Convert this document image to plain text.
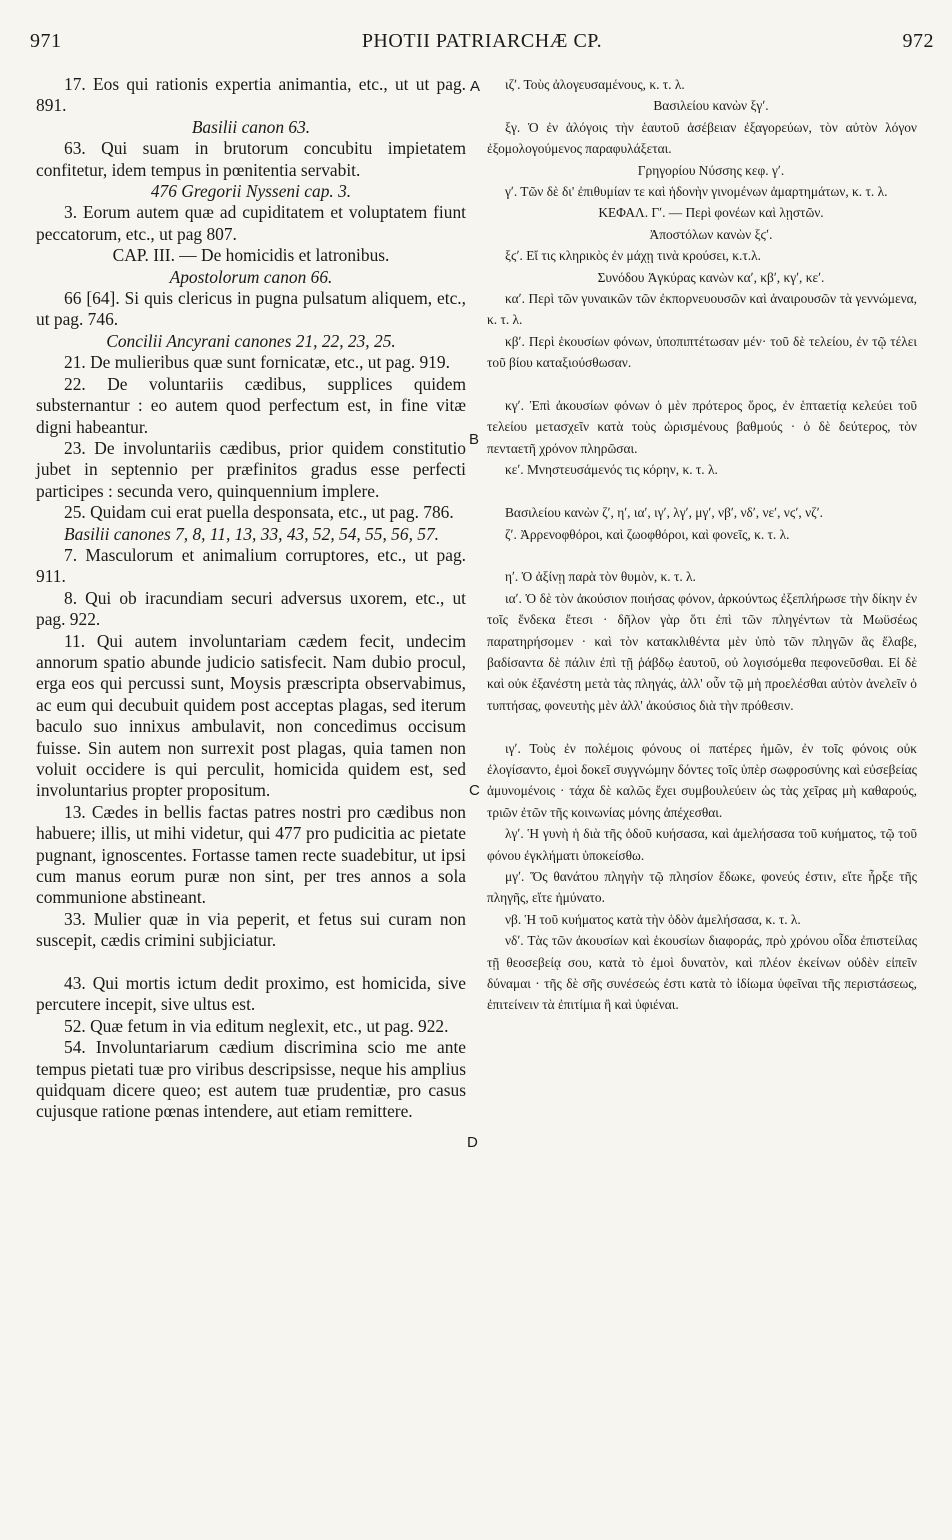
971	PHOTII PATRIARCHÆ CP.	972
A
B
C
D

17. Eos qui rationis expertia animantia, etc., ut ut pag. 891.

Basilii canon 63.

63. Qui suam in brutorum concubitu impietatem confitetur, idem tempus in pœnitentia servabit.

476 Gregorii Nysseni cap. 3.

3. Eorum autem quæ ad cupiditatem et voluptatem fiunt peccatorum, etc., ut pag 807.

CAP. III. — De homicidis et latronibus.

Apostolorum canon 66.

66 [64]. Si quis clericus in pugna pulsatum aliquem, etc., ut pag. 746.

Concilii Ancyrani canones 21, 22, 23, 25.

21. De mulieribus quæ sunt fornicatæ, etc., ut pag. 919.

22. De voluntariis cædibus, supplices quidem substernantur : eo autem quod perfectum est, in fine vitæ digni habeantur.

23. De involuntariis cædibus, prior quidem constitutio jubet in septennio per præfinitos gradus esse perfecti participes : secunda vero, quinquennium implere.

25. Quidam cui erat puella desponsata, etc., ut pag. 786.

Basilii canones 7, 8, 11, 13, 33, 43, 52, 54, 55, 56, 57.

7. Masculorum et animalium corruptores, etc., ut pag. 911.

8. Qui ob iracundiam securi adversus uxorem, etc., ut pag. 922.

11. Qui autem involuntariam cædem fecit, undecim annorum spatio abunde judicio satisfecit. Nam dubio procul, erga eos qui percussi sunt, Moysis præscripta observabimus, ac eum qui decubuit quidem post acceptas plagas, sed iterum baculo suo innixus ambulavit, non concedimus occisum fuisse. Sin autem non surrexit post plagas, quia tamen non voluit occidere is qui perculit, homicida quidem est, sed involuntarius propter propositum.

13. Cædes in bellis factas patres nostri pro cædibus non habuere; illis, ut mihi videtur, qui 477 pro pudicitia ac pietate pugnant, ignoscentes. Fortasse tamen recte suadebitur, ut ipsi cum manus eorum puræ non sint, per tres annos a sola communione abstineant.

33. Mulier quæ in via peperit, et fetus sui curam non suscepit, cædis crimini subjiciatur.

43. Qui mortis ictum dedit proximo, est homicida, sive percutere incepit, sive ultus est.

52. Quæ fetum in via editum neglexit, etc., ut pag. 922.

54. Involuntariarum cædium discrimina scio me ante tempus pietati tuæ pro viribus descripsisse, neque his amplius quidquam dicere queo; est autem tuæ prudentiæ, pro casus cujusque ratione pœnas intendere, aut etiam remittere.

ιζʹ. Τοὺς ἀλογευσαμένους, κ. τ. λ.

Βασιλείου κανὼν ξγʹ.

ξγ. Ὁ ἐν ἀλόγοις τὴν ἑαυτοῦ ἀσέβειαν ἐξαγορεύων, τὸν αὐτὸν λόγον ἐξομολογούμενος παραφυλάξεται.

Γρηγορίου Νύσσης κεφ. γʹ.

γʹ. Τῶν δὲ δι' ἐπιθυμίαν τε καὶ ἡδονὴν γινομένων ἁμαρτημάτων, κ. τ. λ.

ΚΕΦΑΛ. Γʹ. — Περὶ φονέων καὶ λῃστῶν.

Ἀποστόλων κανὼν ξϛʹ.

ξϛʹ. Εἴ τις κληρικὸς ἐν μάχῃ τινὰ κρούσει, κ.τ.λ.

Συνόδου Ἀγκύρας κανὼν καʹ, κβʹ, κγʹ, κεʹ.

καʹ. Περὶ τῶν γυναικῶν τῶν ἐκπορνευουσῶν καὶ ἀναιρουσῶν τὰ γεννώμενα, κ. τ. λ.

κβʹ. Περὶ ἑκουσίων φόνων, ὑποπιπτέτωσαν μέν· τοῦ δὲ τελείου, ἐν τῷ τέλει τοῦ βίου καταξιούσθωσαν.

κγʹ. Ἐπὶ ἀκουσίων φόνων ὁ μὲν πρότερος ὅρος, ἐν ἑπταετίᾳ κελεύει τοῦ τελείου μετασχεῖν κατὰ τοὺς ὡρισμένους βαθμούς · ὁ δὲ δεύτερος, τὸν πενταετῆ χρόνον πληρῶσαι.

κεʹ. Μνηστευσάμενός τις κόρην, κ. τ. λ.

Βασιλείου κανὼν ζʹ, ηʹ, ιαʹ, ιγʹ, λγʹ, μγʹ, νβʹ, νδʹ, νεʹ, νϛʹ, νζʹ.

ζʹ. Ἀρρενοφθόροι, καὶ ζωοφθόροι, καὶ φονεῖς, κ. τ. λ.

ηʹ. Ὁ ἀξίνῃ παρὰ τὸν θυμὸν, κ. τ. λ.

ιαʹ. Ὁ δὲ τὸν ἀκούσιον ποιήσας φόνον, ἀρκούντως ἐξεπλήρωσε τὴν δίκην ἐν τοῖς ἕνδεκα ἔτεσι · δῆλον γὰρ ὅτι ἐπὶ τῶν πληγέντων τὰ Μωϋσέως παρατηρήσομεν · καὶ τὸν κατακλιθέντα μὲν ὑπὸ τῶν πληγῶν ἃς ἔλαβε, βαδίσαντα δὲ πάλιν ἐπὶ τῇ ῥάβδῳ ἑαυτοῦ, οὐ λογισόμεθα πεφονεῦσθαι. Εἰ δὲ καὶ οὐκ ἐξανέστη μετὰ τὰς πληγάς, ἀλλ' οὖν τῷ μὴ προελέσθαι αὐτὸν ἀνελεῖν ὁ τυπτήσας, φονευτὴς μὲν ἀλλ' ἀκούσιος διὰ τὴν πρόθεσιν.

ιγʹ. Τοὺς ἐν πολέμοις φόνους οἱ πατέρες ἡμῶν, ἐν τοῖς φόνοις οὐκ ἐλογίσαντο, ἐμοὶ δοκεῖ συγγνώμην δόντες τοῖς ὑπὲρ σωφροσύνης καὶ εὐσεβείας ἀμυνομένοις · τάχα δὲ καλῶς ἔχει συμβουλεύειν ὡς τὰς χεῖρας μὴ καθαρούς, τριῶν ἐτῶν τῆς κοινωνίας μόνης ἀπέχεσθαι.

λγʹ. Ἡ γυνὴ ἡ διὰ τῆς ὁδοῦ κυήσασα, καὶ ἀμελήσασα τοῦ κυήματος, τῷ τοῦ φόνου ἐγκλήματι ὑποκείσθω.

μγʹ. Ὅς θανάτου πληγὴν τῷ πλησίον ἔδωκε, φονεύς ἐστιν, εἴτε ἦρξε τῆς πληγῆς, εἴτε ἠμύνατο.

νβ. Ἡ τοῦ κυήματος κατὰ τὴν ὁδὸν ἀμελήσασα, κ. τ. λ.

νδʹ. Τὰς τῶν ἀκουσίων καὶ ἑκουσίων διαφοράς, πρὸ χρόνου οἶδα ἐπιστείλας τῇ θεοσεβείᾳ σου, κατὰ τὸ ἐμοὶ δυνατὸν, καὶ πλέον ἐκείνων οὐδὲν εἰπεῖν δύναμαι · τῆς δὲ σῆς συνέσεώς ἐστι κατὰ τὸ ἰδίωμα ὑφεῖναι τῆς περιστάσεως, ἐπιτείνειν τὰ ἐπιτίμια ἢ καὶ ὑφιέναι.
